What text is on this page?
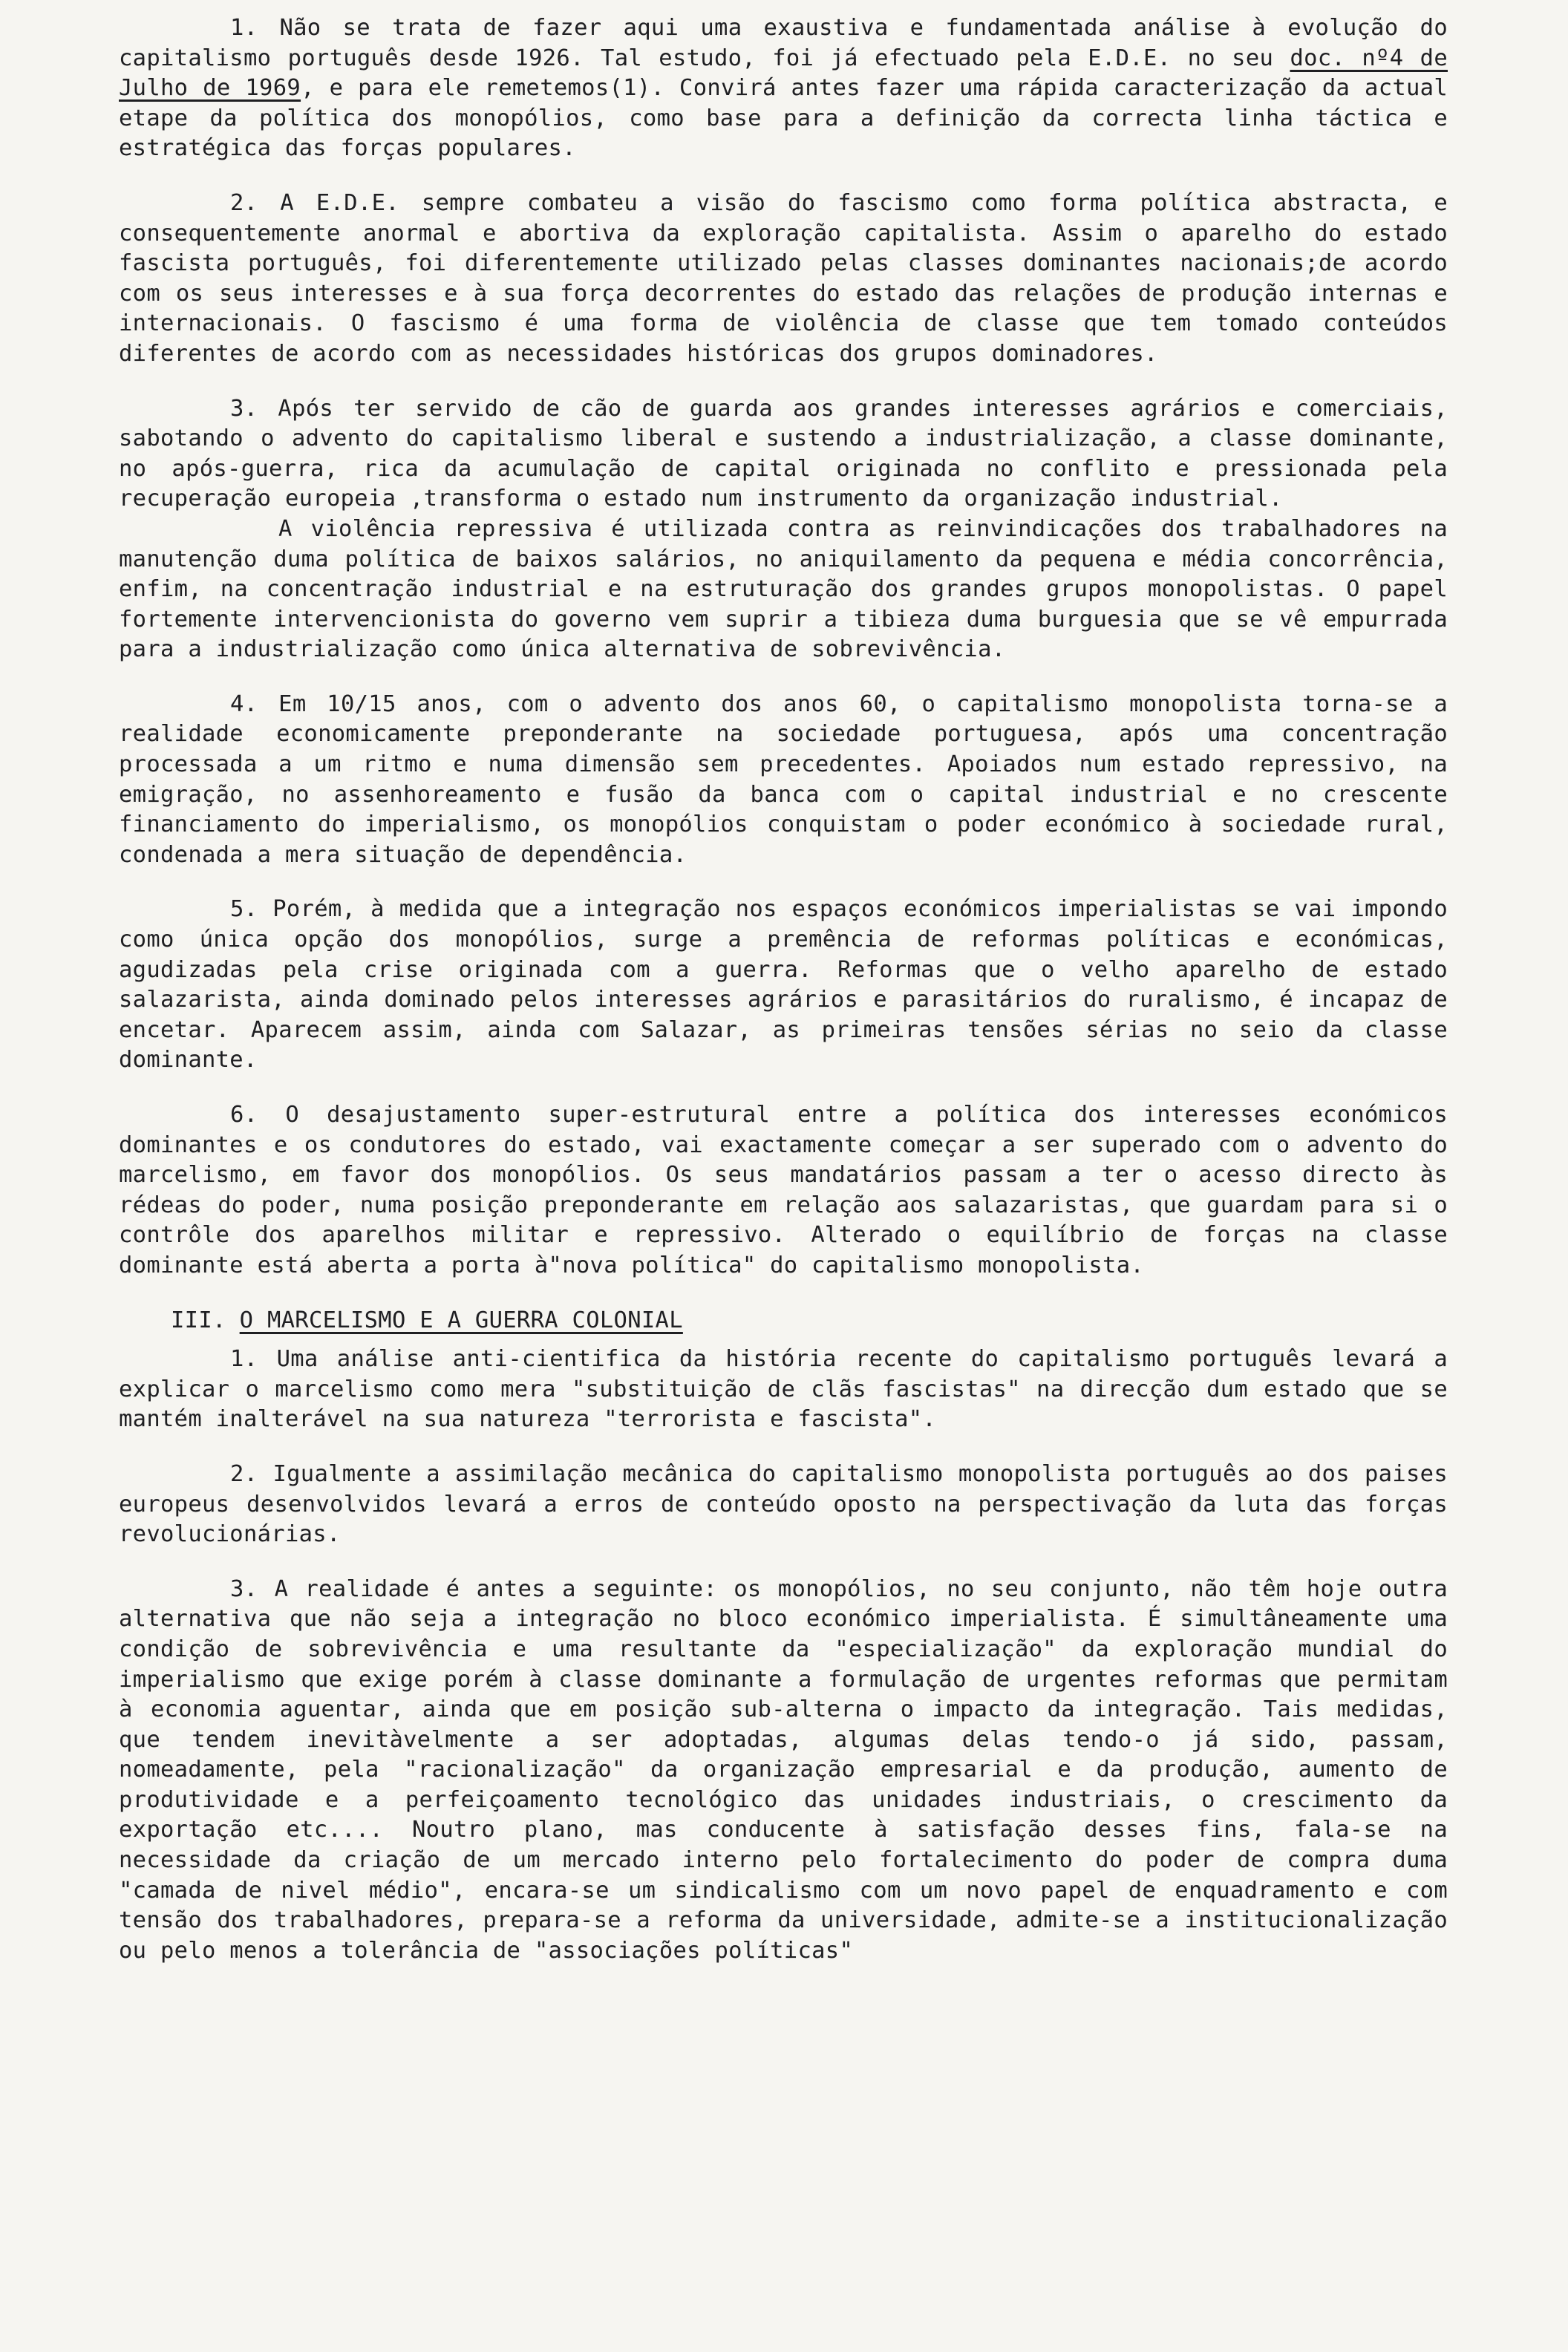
1. Não se trata de fazer aqui uma exaustiva e fundamentada análise à evolução do capitalismo português desde 1926. Tal estudo, foi já efectuado pela E.D.E. no seu doc. nº4 de Julho de 1969, e para ele remetemos(1). Convirá antes fazer uma rápida caracterização da actual etape da política dos monopólios, como base para a definição da correcta linha táctica e estratégica das forças populares.

2. A E.D.E. sempre combateu a visão do fascismo como forma política abstracta, e consequentemente anormal e abortiva da exploração capitalista. Assim o aparelho do estado fascista português, foi diferentemente utilizado pelas classes dominantes nacionais;de acordo com os seus interesses e à sua força decorrentes do estado das relações de produção internas e internacionais. O fascismo é uma forma de violência de classe que tem tomado conteúdos diferentes de acordo com as necessidades históricas dos grupos dominadores.

3. Após ter servido de cão de guarda aos grandes interesses agrários e comerciais, sabotando o advento do capitalismo liberal e sustendo a industrialização, a classe dominante, no após-guerra, rica da acumulação de capital originada no conflito e pressionada pela recuperação europeia ,transforma o estado num instrumento da organização industrial.

A violência repressiva é utilizada contra as reinvindicações dos trabalhadores na manutenção duma política de baixos salários, no aniquilamento da pequena e média concorrência, enfim, na concentração industrial e na estruturação dos grandes grupos monopolistas. O papel fortemente intervencionista do governo vem suprir a tibieza duma burguesia que se vê empurrada para a industrialização como única alternativa de sobrevivência.

4. Em 10/15 anos, com o advento dos anos 60, o capitalismo monopolista torna-se a realidade economicamente preponderante na sociedade portuguesa, após uma concentração processada a um ritmo e numa dimensão sem precedentes. Apoiados num estado repressivo, na emigração, no assenhoreamento e fusão da banca com o capital industrial e no crescente financiamento do imperialismo, os monopólios conquistam o poder económico à sociedade rural, condenada a mera situação de dependência.

5. Porém, à medida que a integração nos espaços económicos imperialistas se vai impondo como única opção dos monopólios, surge a premência de reformas políticas e económicas, agudizadas pela crise originada com a guerra. Reformas que o velho aparelho de estado salazarista, ainda dominado pelos interesses agrários e parasitários do ruralismo, é incapaz de encetar. Aparecem assim, ainda com Salazar, as primeiras tensões sérias no seio da classe dominante.

6. O desajustamento super-estrutural entre a política dos interesses económicos dominantes e os condutores do estado, vai exactamente começar a ser superado com o advento do marcelismo, em favor dos monopólios. Os seus mandatários passam a ter o acesso directo às rédeas do poder, numa posição preponderante em relação aos salazaristas, que guardam para si o contrôle dos aparelhos militar e repressivo. Alterado o equilíbrio de forças na classe dominante está aberta a porta à"nova política" do capitalismo monopolista.

III. O MARCELISMO E A GUERRA COLONIAL

1. Uma análise anti-cientifica da história recente do capitalismo português levará a explicar o marcelismo como mera "substituição de clãs fascistas" na direcção dum estado que se mantém inalterável na sua natureza "terrorista e fascista".

2. Igualmente a assimilação mecânica do capitalismo monopolista português ao dos paises europeus desenvolvidos levará a erros de conteúdo oposto na perspectivação da luta das forças revolucionárias.

3. A realidade é antes a seguinte: os monopólios, no seu conjunto, não têm hoje outra alternativa que não seja a integração no bloco económico imperialista. É simultâneamente uma condição de sobrevivência e uma resultante da "especialização" da exploração mundial do imperialismo que exige porém à classe dominante a formulação de urgentes reformas que permitam à economia aguentar, ainda que em posição sub-alterna o impacto da integração. Tais medidas, que tendem inevitàvelmente a ser adoptadas, algumas delas tendo-o já sido, passam, nomeadamente, pela "racionalização" da organização empresarial e da produção, aumento de produtividade e a perfeiçoamento tecnológico das unidades industriais, o crescimento da exportação etc.... Noutro plano, mas conducente à satisfação desses fins, fala-se na necessidade da criação de um mercado interno pelo fortalecimento do poder de compra duma "camada de nivel médio", encara-se um sindicalismo com um novo papel de enquadramento e com tensão dos trabalhadores, prepara-se a reforma da universidade, admite-se a institucionalização ou pelo menos a tolerância de "associações políticas"
